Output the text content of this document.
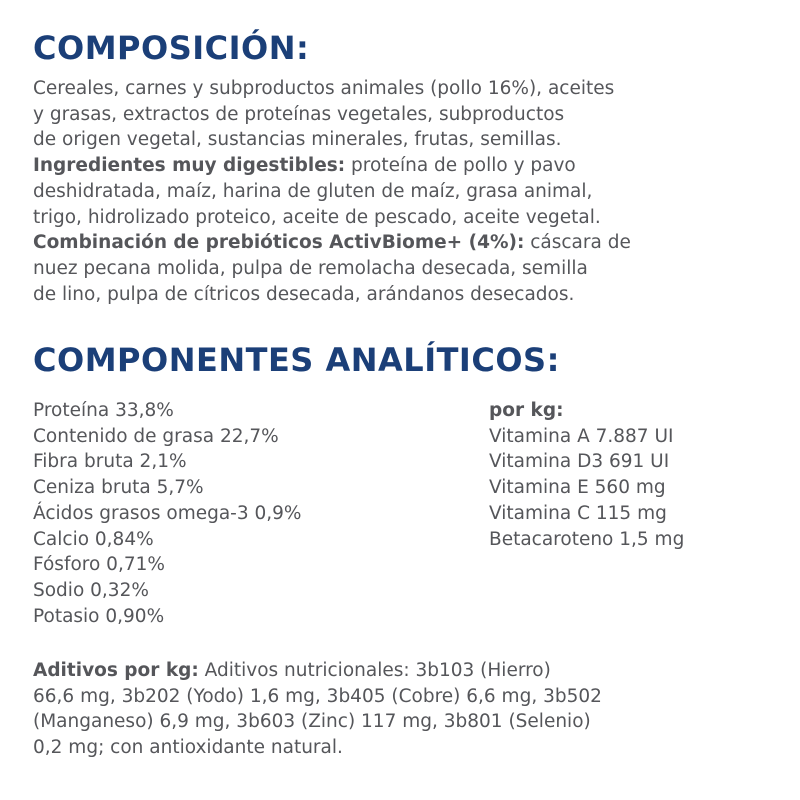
COMPOSICIÓN:
Cereales, carnes y subproductos animales (pollo 16%), aceites
y grasas, extractos de proteínas vegetales, subproductos
de origen vegetal, sustancias minerales, frutas, semillas.
Ingredientes muy digestibles: proteína de pollo y pavo
deshidratada, maíz, harina de gluten de maíz, grasa animal,
trigo, hidrolizado proteico, aceite de pescado, aceite vegetal.
Combinación de prebióticos ActivBiome+ (4%): cáscara de
nuez pecana molida, pulpa de remolacha desecada, semilla
de lino, pulpa de cítricos desecada, arándanos desecados.
COMPONENTES ANALÍTICOS:
Proteína 33,8%
Contenido de grasa 22,7%
Fibra bruta 2,1%
Ceniza bruta 5,7%
Ácidos grasos omega-3 0,9%
Calcio 0,84%
Fósforo 0,71%
Sodio 0,32%
Potasio 0,90%
por kg:
Vitamina A 7.887 UI
Vitamina D3 691 UI
Vitamina E 560 mg
Vitamina C 115 mg
Betacaroteno 1,5 mg
Aditivos por kg: Aditivos nutricionales: 3b103 (Hierro)
66,6 mg, 3b202 (Yodo) 1,6 mg, 3b405 (Cobre) 6,6 mg, 3b502
(Manganeso) 6,9 mg, 3b603 (Zinc) 117 mg, 3b801 (Selenio)
0,2 mg; con antioxidante natural.
